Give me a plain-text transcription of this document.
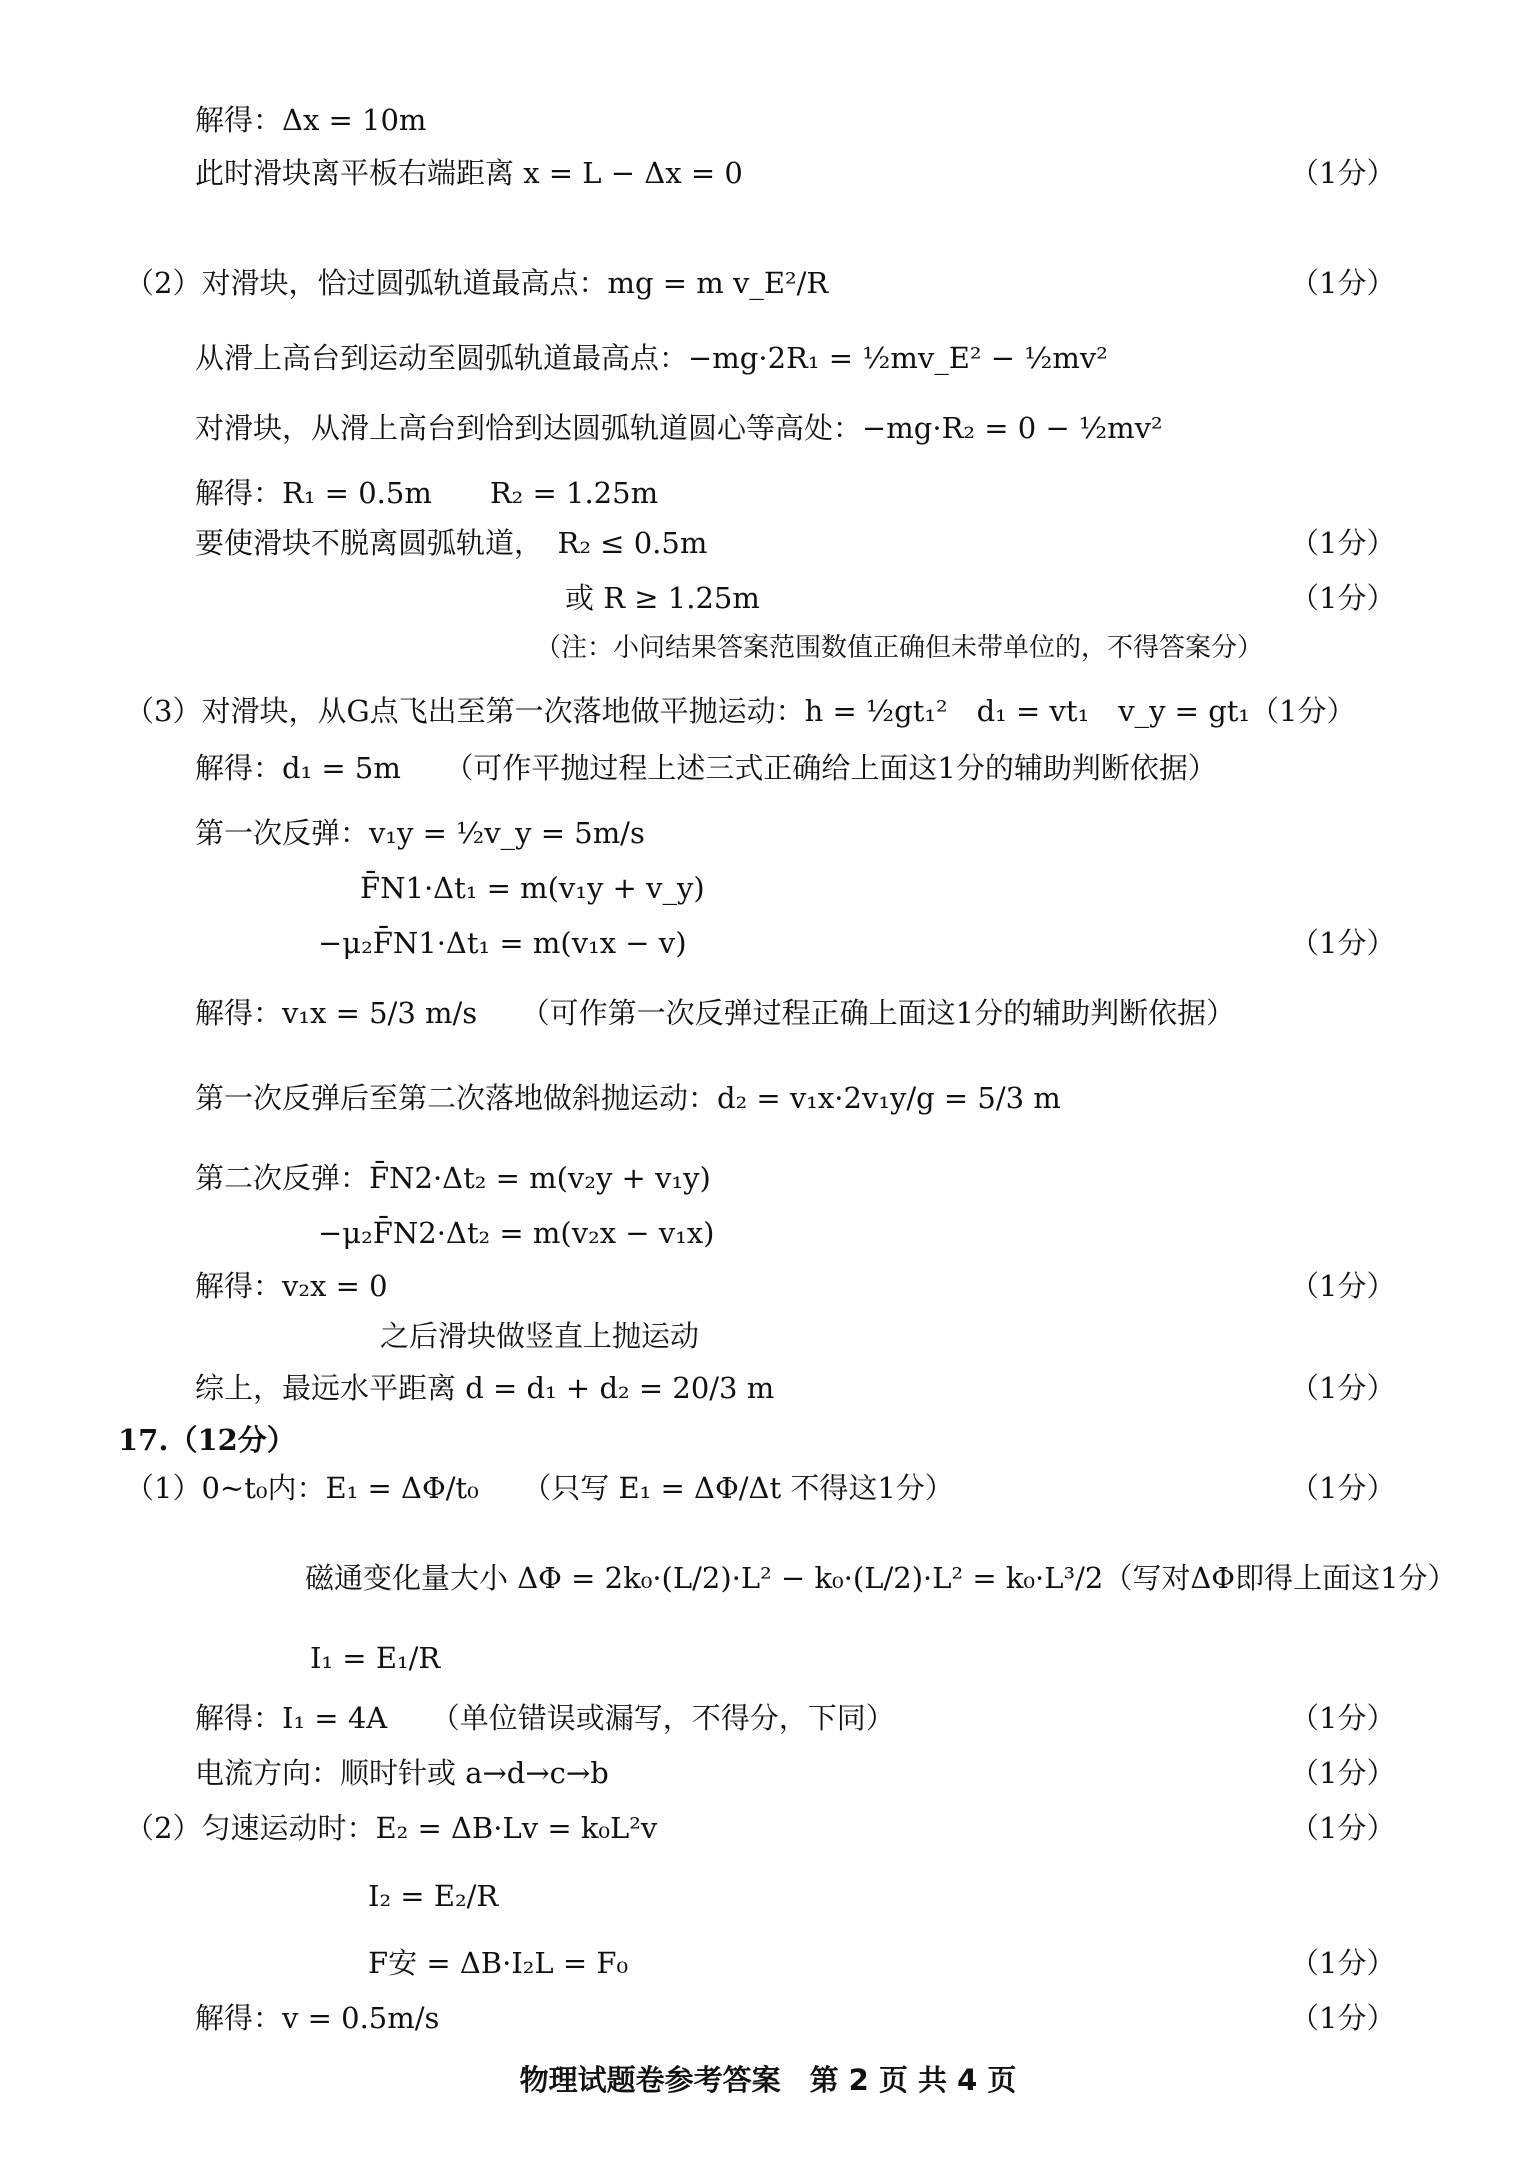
解得：Δx = 10m
此时滑块离平板右端距离 x = L − Δx = 0	（1分）
（2）对滑块，恰过圆弧轨道最高点：mg = m v_E²/R	（1分）
从滑上高台到运动至圆弧轨道最高点：−mg·2R₁ = ½mv_E² − ½mv²
对滑块，从滑上高台到恰到达圆弧轨道圆心等高处：−mg·R₂ = 0 − ½mv²
解得：R₁ = 0.5m　　R₂ = 1.25m
要使滑块不脱离圆弧轨道，　R₂ ≤ 0.5m	（1分）
或 R ≥ 1.25m	（1分）
（注：小问结果答案范围数值正确但未带单位的，不得答案分）
（3）对滑块，从G点飞出至第一次落地做平抛运动：h = ½gt₁²　d₁ = vt₁　v_y = gt₁（1分）
解得：d₁ = 5m　　（可作平抛过程上述三式正确给上面这1分的辅助判断依据）
第一次反弹：v₁y = ½v_y = 5m/s
F̄N1·Δt₁ = m(v₁y + v_y)
−μ₂F̄N1·Δt₁ = m(v₁x − v)	（1分）
解得：v₁x = 5/3 m/s　　（可作第一次反弹过程正确上面这1分的辅助判断依据）
第一次反弹后至第二次落地做斜抛运动：d₂ = v₁x·2v₁y/g = 5/3 m
第二次反弹：F̄N2·Δt₂ = m(v₂y + v₁y)
−μ₂F̄N2·Δt₂ = m(v₂x − v₁x)
解得：v₂x = 0	（1分）
之后滑块做竖直上抛运动
综上，最远水平距离 d = d₁ + d₂ = 20/3 m	（1分）
17.（12分）
（1）0~t₀内：E₁ = ΔΦ/t₀　　（只写 E₁ = ΔΦ/Δt 不得这1分）	（1分）
磁通变化量大小 ΔΦ = 2k₀·(L/2)·L² − k₀·(L/2)·L² = k₀·L³/2（写对ΔΦ即得上面这1分）
I₁ = E₁/R
解得：I₁ = 4A　　（单位错误或漏写，不得分，下同）	（1分）
电流方向：顺时针或 a→d→c→b	（1分）
（2）匀速运动时：E₂ = ΔB·Lv = k₀L²v	（1分）
I₂ = E₂/R
F安 = ΔB·I₂L = F₀	（1分）
解得：v = 0.5m/s	（1分）
物理试题卷参考答案　第 2 页 共 4 页
